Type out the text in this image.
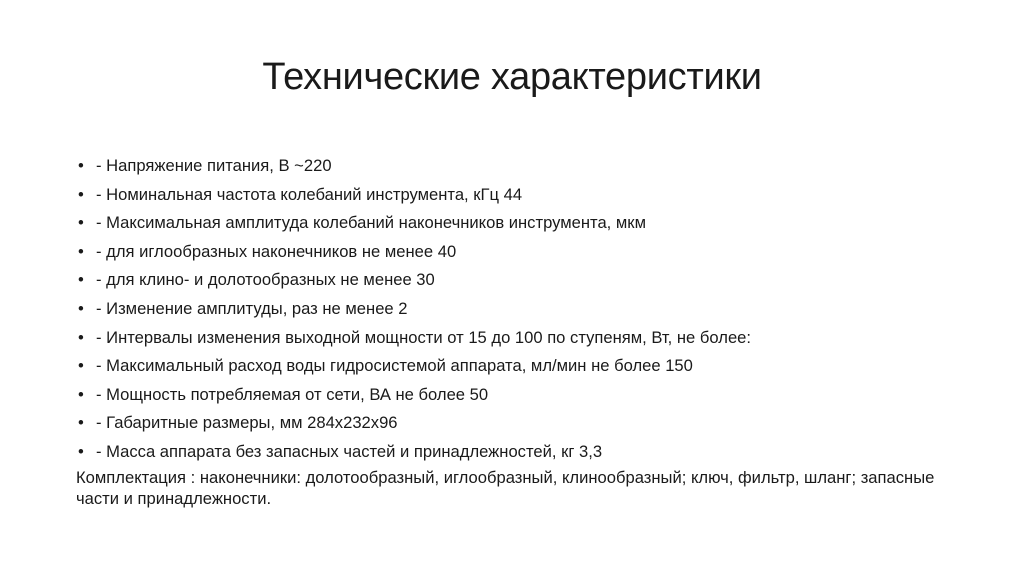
Технические характеристики
• - Напряжение питания, В ~220
• - Номинальная частота колебаний инструмента, кГц 44
• - Максимальная амплитуда колебаний наконечников инструмента, мкм
• - для иглообразных наконечников не менее 40
• - для клино- и долотообразных не менее 30
• - Изменение амплитуды, раз не менее 2
• - Интервалы изменения выходной мощности от 15 до 100 по ступеням, Вт, не более:
• - Максимальный расход воды гидросистемой аппарата, мл/мин не более 150
• - Мощность потребляемая от сети, ВА не более 50
• - Габаритные размеры, мм 284x232x96
• - Масса аппарата без запасных частей и принадлежностей, кг 3,3

Комплектация : наконечники: долотообразный, иглообразный, клинообразный; ключ, фильтр, шланг; запасные части и принадлежности.
